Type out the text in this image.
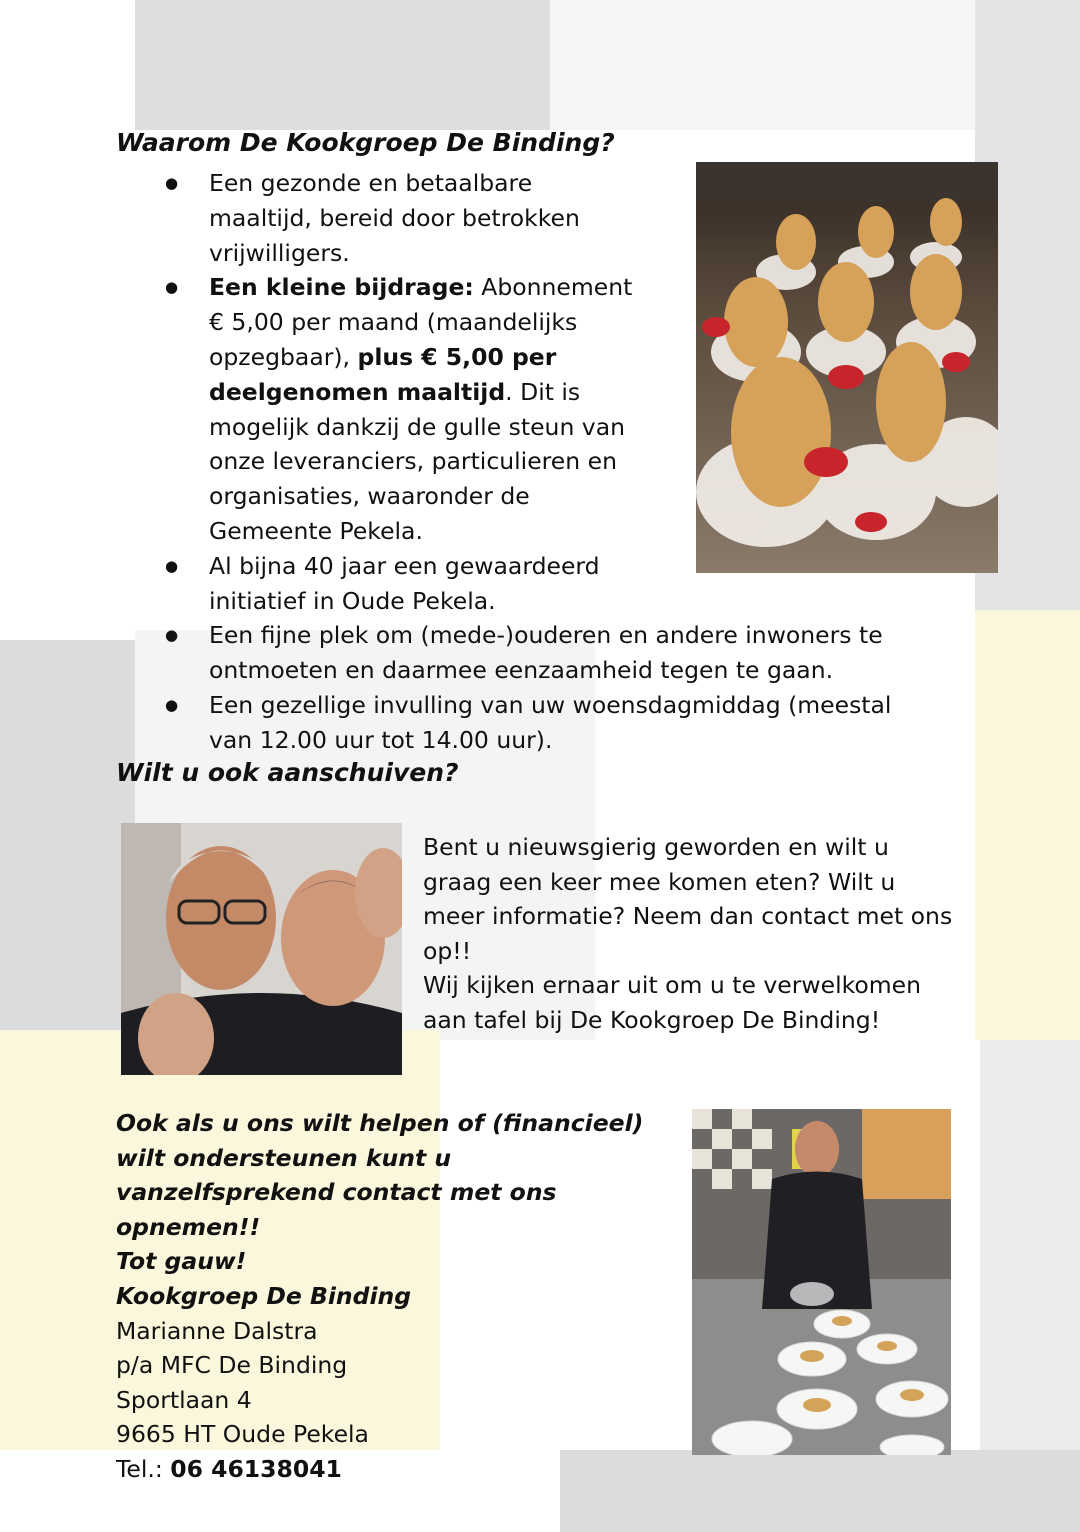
Waarom De Kookgroep De Binding?
● Een gezonde en betaalbare maaltijd, bereid door betrokken vrijwilligers.
● Een kleine bijdrage: Abonnement € 5,00 per maand (maandelijks opzegbaar), plus € 5,00 per deelgenomen maaltijd. Dit is mogelijk dankzij de gulle steun van onze leveranciers, particulieren en organisaties, waaronder de Gemeente Pekela.
● Al bijna 40 jaar een gewaardeerd initiatief in Oude Pekela.
● Een fijne plek om (mede-)ouderen en andere inwoners te ontmoeten en daarmee eenzaamheid tegen te gaan.
● Een gezellige invulling van uw woensdagmiddag (meestal van 12.00 uur tot 14.00 uur).
Wilt u ook aanschuiven?

Bent u nieuwsgierig geworden en wilt u graag een keer mee komen eten? Wilt u meer informatie? Neem dan contact met ons op!!

Wij kijken ernaar uit om u te verwelkomen aan tafel bij De Kookgroep De Binding!

Ook als u ons wilt helpen of (financieel) wilt ondersteunen kunt u vanzelfsprekend contact met ons opnemen!!
Tot gauw!
Kookgroep De Binding
Marianne Dalstra
p/a MFC De Binding
Sportlaan 4
9665 HT Oude Pekela
Tel.: 06 46138041
